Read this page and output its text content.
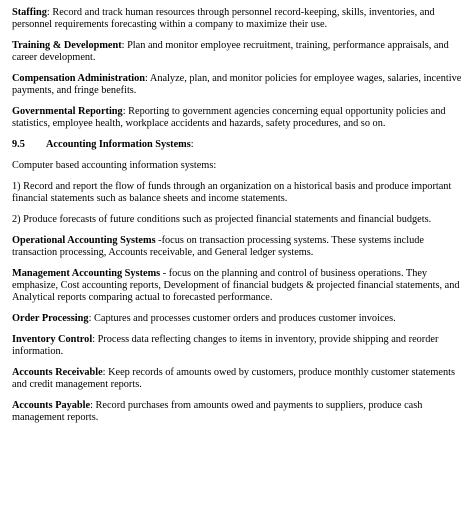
Staffing: Record and track human resources through personnel record-keeping, skills, inventories, and personnel requirements forecasting within a company to maximize their use.

Training & Development: Plan and monitor employee recruitment, training, performance appraisals, and career development.

Compensation Administration: Analyze, plan, and monitor policies for employee wages, salaries, incentive payments, and fringe benefits.

Governmental Reporting: Reporting to government agencies concerning equal opportunity policies and statistics, employee health, workplace accidents and hazards, safety procedures, and so on.

9.5 Accounting Information Systems:

Computer based accounting information systems:

1) Record and report the flow of funds through an organization on a historical basis and produce important financial statements such as balance sheets and income statements.

2) Produce forecasts of future conditions such as projected financial statements and financial budgets.

Operational Accounting Systems -focus on transaction processing systems. These systems include transaction processing, Accounts receivable, and General ledger systems.

Management Accounting Systems - focus on the planning and control of business operations. They emphasize, Cost accounting reports, Development of financial budgets & projected financial statements, and Analytical reports comparing actual to forecasted performance.

Order Processing: Captures and processes customer orders and produces customer invoices.

Inventory Control: Process data reflecting changes to items in inventory, provide shipping and reorder information.

Accounts Receivable: Keep records of amounts owed by customers, produce monthly customer statements and credit management reports.

Accounts Payable: Record purchases from amounts owed and payments to suppliers, produce cash management reports.
